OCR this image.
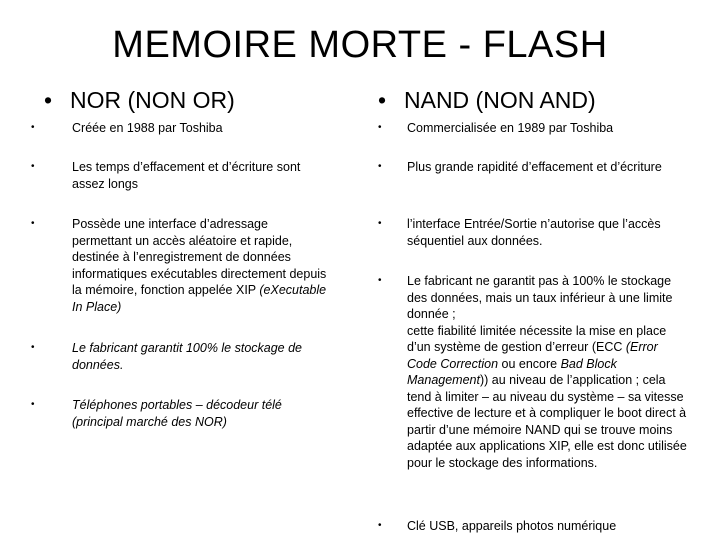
MEMOIRE MORTE - FLASH
• NOR (NON OR)
•	Créée en 1988 par Toshiba
•	Les temps d’effacement et d’écriture sont assez longs
•	Possède une interface d’adressage permettant un accès aléatoire et rapide, destinée à l’enregistrement de données informatiques exécutables directement depuis la mémoire, fonction appelée XIP (eXecutable In Place)
•	Le fabricant garantit 100% le stockage de données.
•	Téléphones portables – décodeur télé (principal marché des NOR)
• NAND (NON AND)
• Commercialisée en 1989 par Toshiba
• Plus grande rapidité d’effacement et d’écriture
• l’interface Entrée/Sortie n’autorise que l’accès séquentiel aux données.
• Le fabricant ne garantit pas à 100% le stockage des données, mais un taux inférieur à une limite donnée ;
cette fiabilité limitée nécessite la mise en place d’un système de gestion d’erreur (ECC (Error Code Correction ou encore Bad Block Management)) au niveau de l’application ; cela tend à limiter – au niveau du système – sa vitesse effective de lecture et à compliquer le boot direct à partir d’une mémoire NAND qui se trouve moins adaptée aux applications XIP, elle est donc utilisée pour le stockage des informations.
• Clé USB, appareils photos numérique
